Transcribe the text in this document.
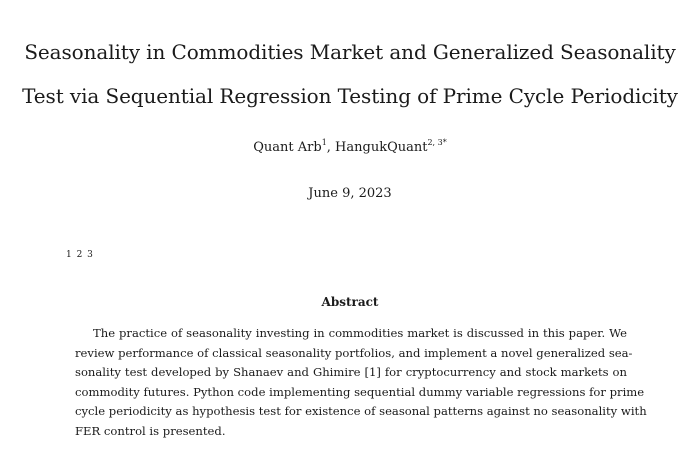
Seasonality in Commodities Market and Generalized Seasonality
Test via Sequential Regression Testing of Prime Cycle Periodicity
Quant Arb$^1$, HangukQuant$^{2, 3*}$
June 9, 2023
1 2 3
Abstract
The practice of seasonality investing in commodities market is discussed in this paper. We
review performance of classical seasonality portfolios, and implement a novel generalized sea-
sonality test developed by Shanaev and Ghimire [1] for cryptocurrency and stock markets on
commodity futures. Python code implementing sequential dummy variable regressions for prime
cycle periodicity as hypothesis test for existence of seasonal patterns against no seasonality with
FER control is presented.
